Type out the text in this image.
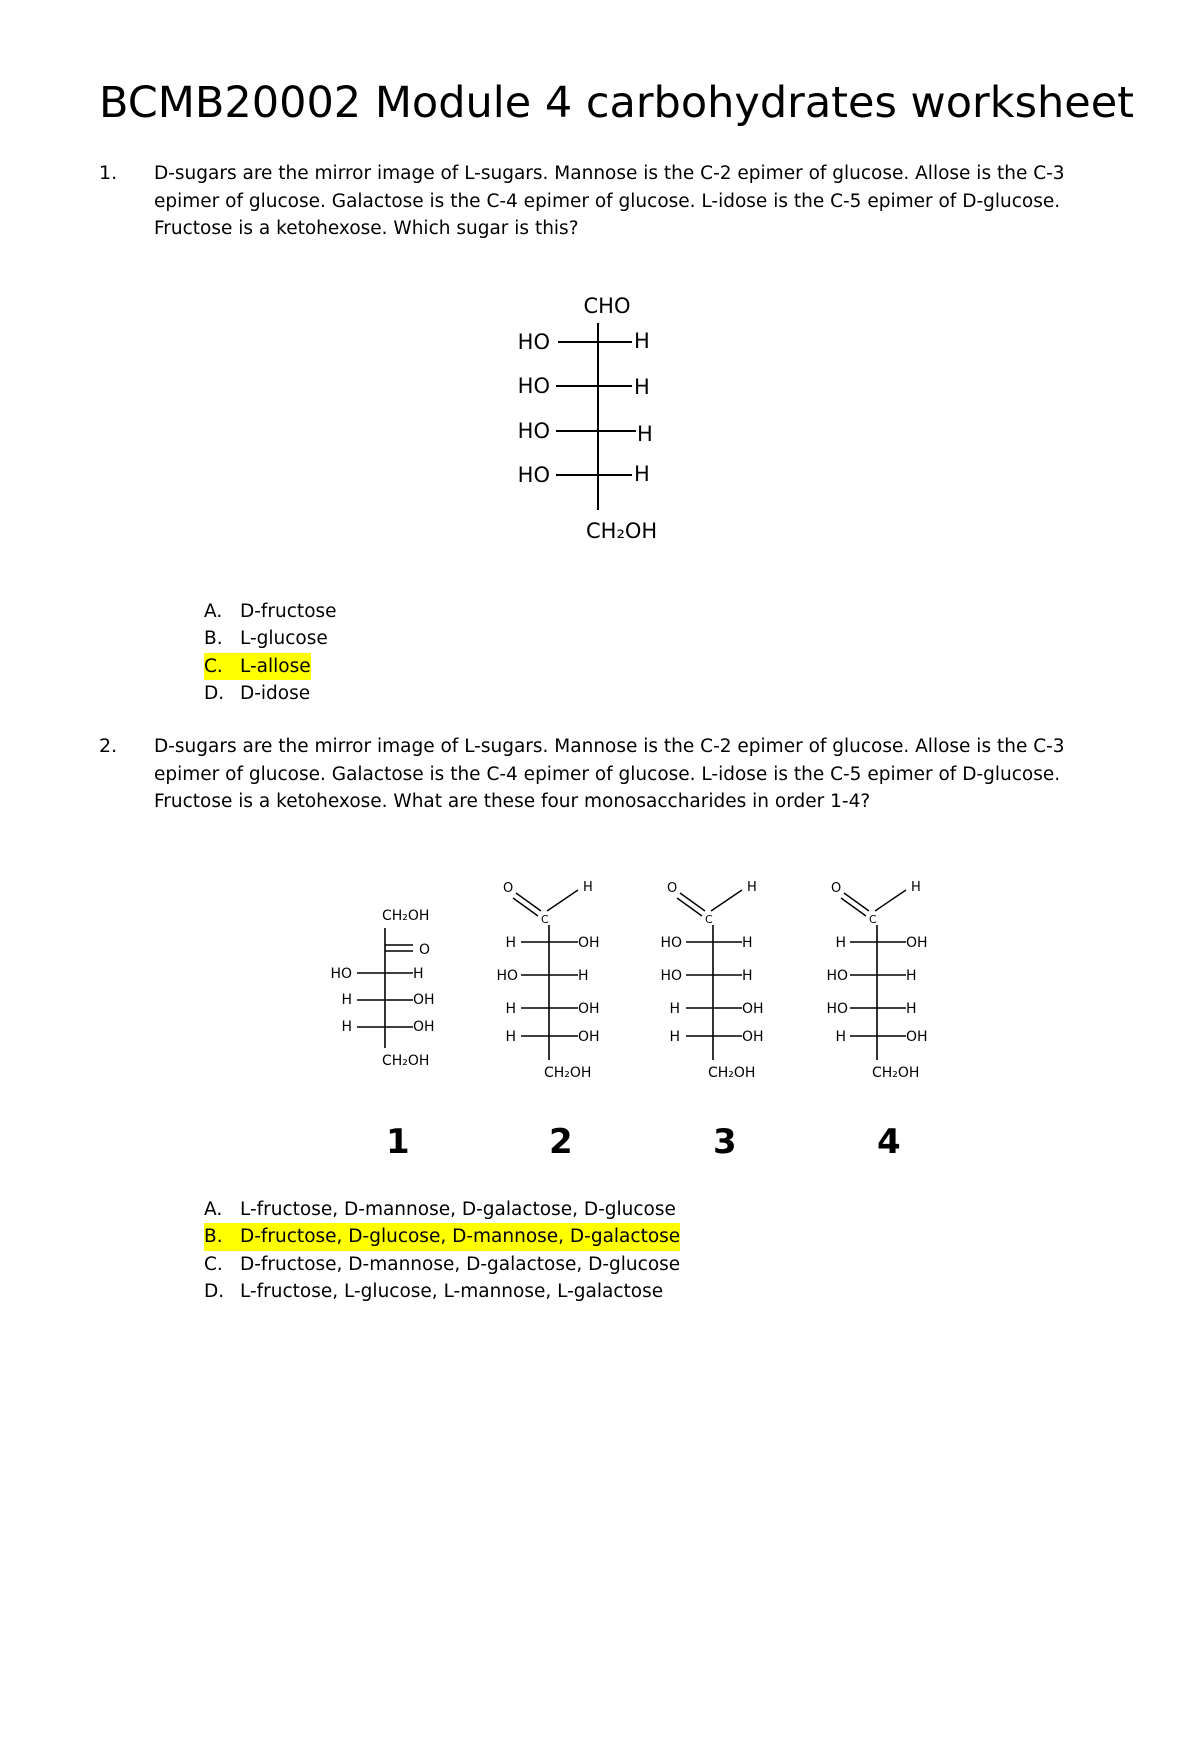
BCMB20002 Module 4 carbohydrates worksheet
1. D-sugars are the mirror image of L-sugars. Mannose is the C-2 epimer of glucose. Allose is the C-3 epimer of glucose. Galactose is the C-4 epimer of glucose. L-idose is the C-5 epimer of D-glucose. Fructose is a ketohexose. Which sugar is this?
CHO
HO	H
HO	H
HO	H
HO	H
CH₂OH
A. D-fructose
B. L-glucose
C. L-allose
D. D-idose
2. D-sugars are the mirror image of L-sugars. Mannose is the C-2 epimer of glucose. Allose is the C-3 epimer of glucose. Galactose is the C-4 epimer of glucose. L-idose is the C-5 epimer of D-glucose. Fructose is a ketohexose. What are these four monosaccharides in order 1-4?
CH₂OH
O
HO	H
H	OH
H	OH
CH₂OH
O	H
C
H	OH
HO	H
H	OH
H	OH
CH₂OH
O	H
C
HO	H
HO	H
H	OH
H	OH
CH₂OH
O	H
C
H	OH
HO	H
HO	H
H	OH
CH₂OH
1	2	3	4
A. L-fructose, D-mannose, D-galactose, D-glucose
B. D-fructose, D-glucose, D-mannose, D-galactose
C. D-fructose, D-mannose, D-galactose, D-glucose
D. L-fructose, L-glucose, L-mannose, L-galactose
